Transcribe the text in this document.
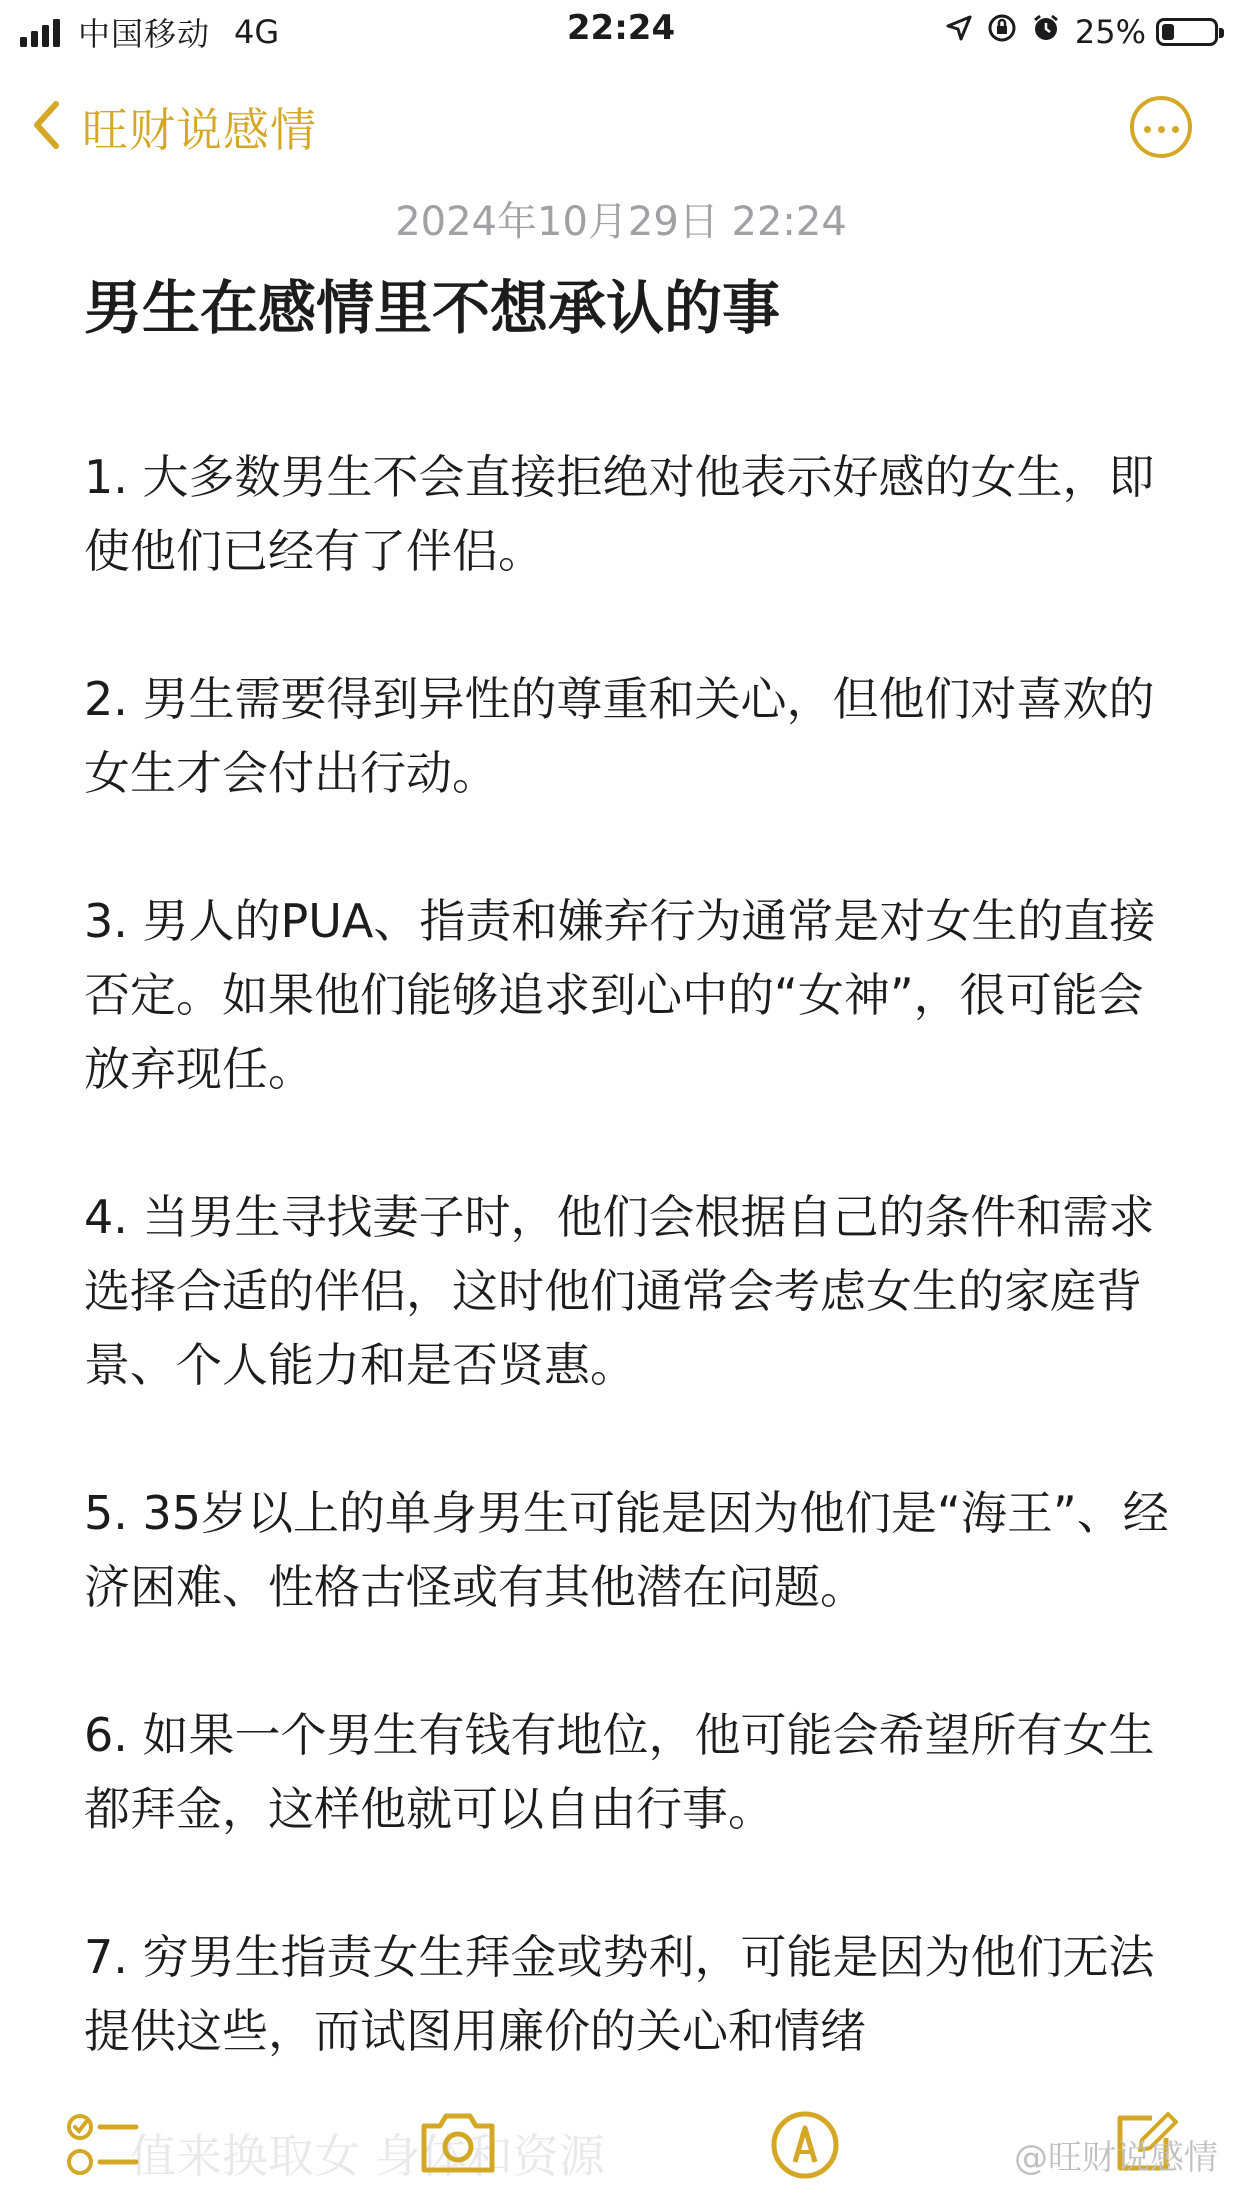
中国移动 4G	22:24	25%
旺财说感情
2024年10月29日 22:24
男生在感情里不想承认的事

1. 大多数男生不会直接拒绝对他表示好感的女生，即使他们已经有了伴侣。

2. 男生需要得到异性的尊重和关心，但他们对喜欢的女生才会付出行动。

3. 男人的PUA、指责和嫌弃行为通常是对女生的直接否定。如果他们能够追求到心中的“女神”，很可能会放弃现任。

4. 当男生寻找妻子时，他们会根据自己的条件和需求选择合适的伴侣，这时他们通常会考虑女生的家庭背景、个人能力和是否贤惠。

5. 35岁以上的单身男生可能是因为他们是“海王”、经济困难、性格古怪或有其他潜在问题。

6. 如果一个男生有钱有地位，他可能会希望所有女生都拜金，这样他就可以自由行事。

7. 穷男生指责女生拜金或势利，可能是因为他们无法提供这些，而试图用廉价的关心和情绪

值来换取女 身体和资源	@旺财说感情
